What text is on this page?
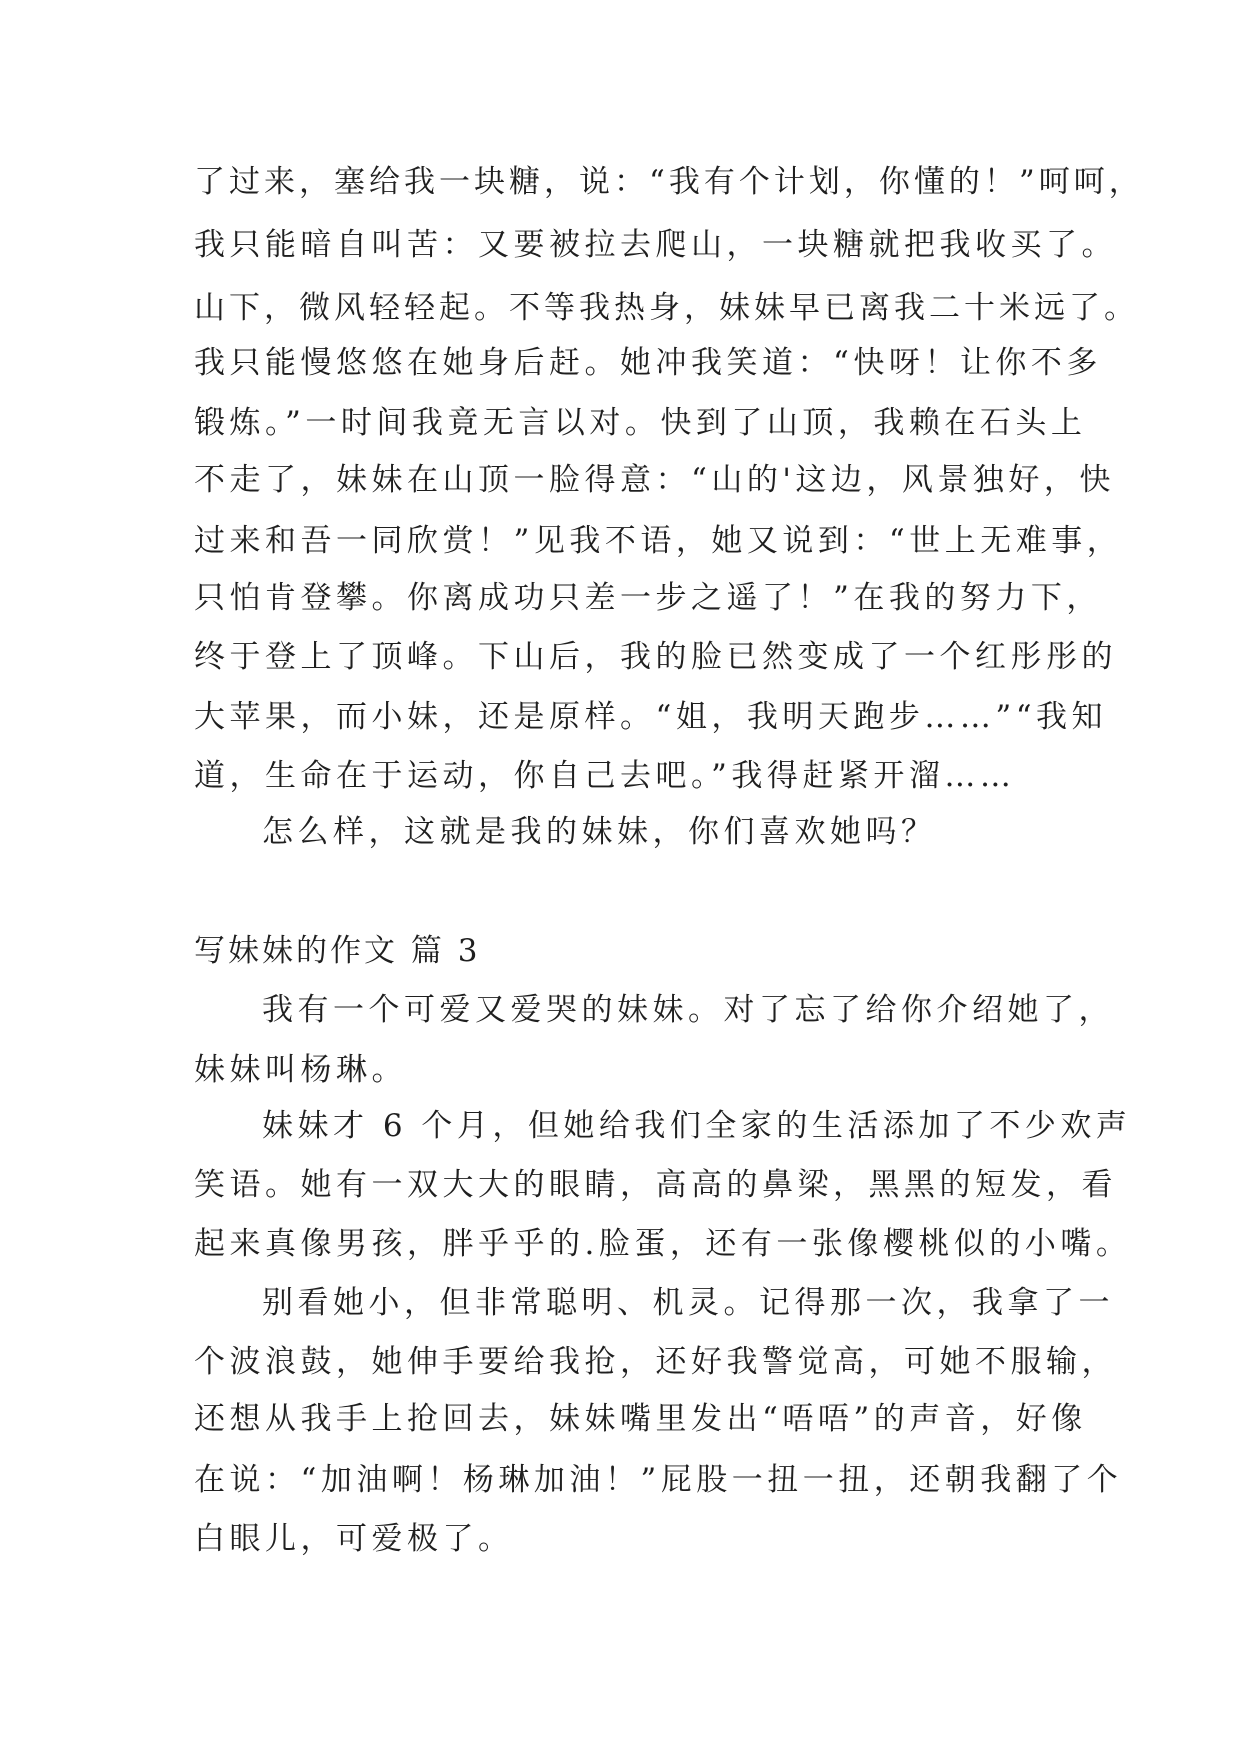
了过来，塞给我一块糖，说：“我有个计划，你懂的！”呵呵，
我只能暗自叫苦：又要被拉去爬山，一块糖就把我收买了。
山下，微风轻轻起。不等我热身，妹妹早已离我二十米远了。
我只能慢悠悠在她身后赶。她冲我笑道：“快呀！让你不多
锻炼。”一时间我竟无言以对。快到了山顶，我赖在石头上
不走了，妹妹在山顶一脸得意：“山的'这边，风景独好，快
过来和吾一同欣赏！”见我不语，她又说到：“世上无难事，
只怕肯登攀。你离成功只差一步之遥了！”在我的努力下，
终于登上了顶峰。下山后，我的脸已然变成了一个红彤彤的
大苹果，而小妹，还是原样。“姐，我明天跑步……”“我知
道，生命在于运动，你自己去吧。”我得赶紧开溜……
怎么样，这就是我的妹妹，你们喜欢她吗？
写妹妹的作文 篇 3
我有一个可爱又爱哭的妹妹。对了忘了给你介绍她了，
妹妹叫杨琳。
妹妹才 6 个月，但她给我们全家的生活添加了不少欢声
笑语。她有一双大大的眼睛，高高的鼻梁，黑黑的短发，看
起来真像男孩，胖乎乎的.脸蛋，还有一张像樱桃似的小嘴。
别看她小，但非常聪明、机灵。记得那一次，我拿了一
个波浪鼓，她伸手要给我抢，还好我警觉高，可她不服输，
还想从我手上抢回去，妹妹嘴里发出“唔唔”的声音，好像
在说：“加油啊！杨琳加油！”屁股一扭一扭，还朝我翻了个
白眼儿，可爱极了。
